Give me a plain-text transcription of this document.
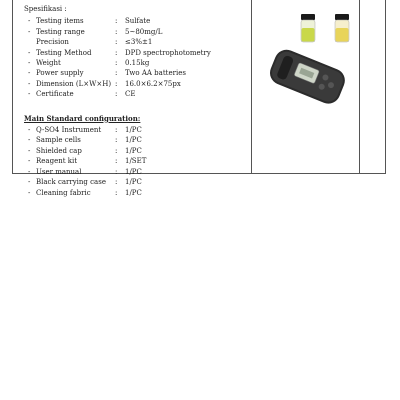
Spesifikasi :
- Testing items	:	Sulfate
- Testing range	:	5~80mg/L
Precision	:	≤3%±1
- Testing Method	:	DPD spectrophotometry
- Weight	:	0.15kg
- Power supply	:	Two AA batteries
- Dimension (L×W×H) :	16.0×6.2×75px
- Certificate	:	CE
Main Standard configuration:
- Q-SO4 Instrument	:	1/PC
- Sample cells	:	1/PC
- Shielded cap	:	1/PC
- Reagent kit	:	1/SET
- User manual	:	1/PC
- Black carrying case	:	1/PC
- Cleaning fabric	:	1/PC
